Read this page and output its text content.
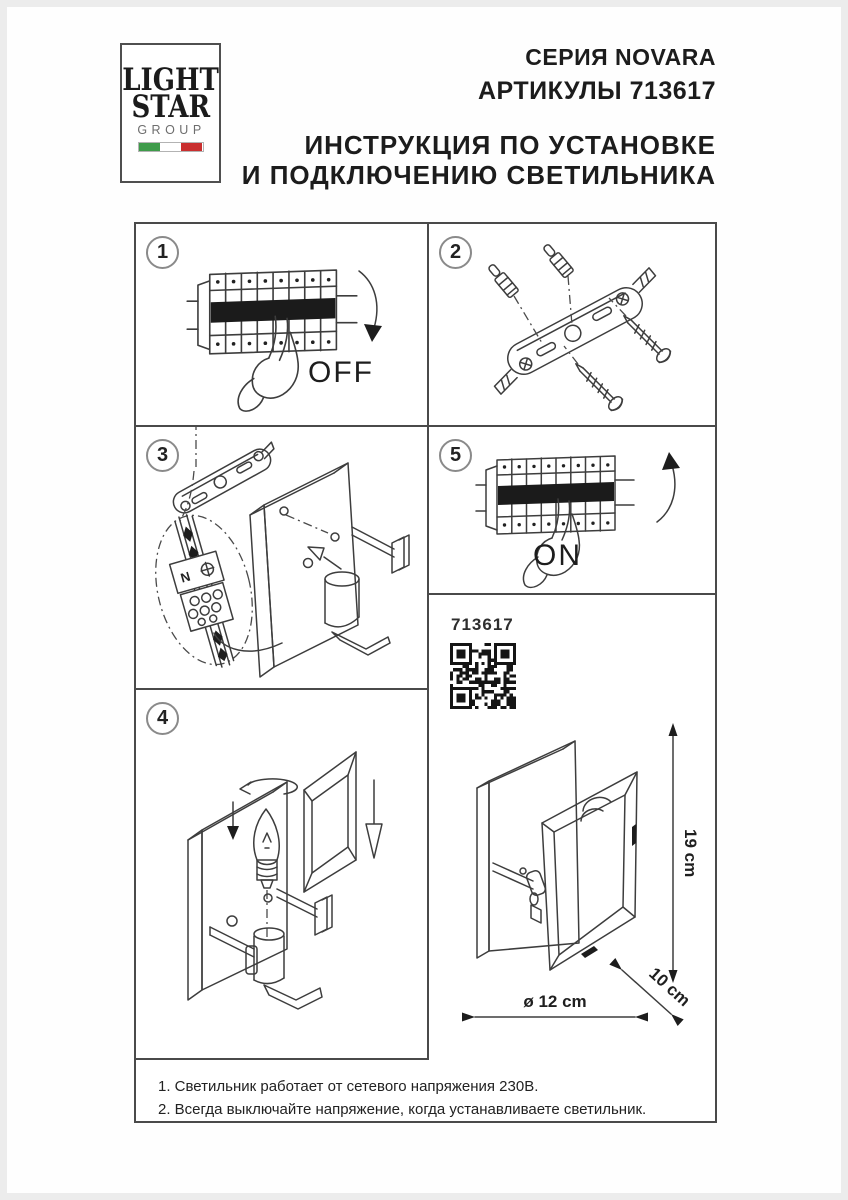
LIGHT
STAR
GROUP
СЕРИЯ NOVARA
АРТИКУЛЫ 713617
ИНСТРУКЦИЯ ПО УСТАНОВКЕ
И ПОДКЛЮЧЕНИЮ СВЕТИЛЬНИКА
1
OFF
2
3
N
4
5
ON
713617
19 cm
10 cm
ø 12 cm
1. Светильник работает от сетевого напряжения 230В.
2. Всегда выключайте напряжение, когда устанавливаете светильник.
